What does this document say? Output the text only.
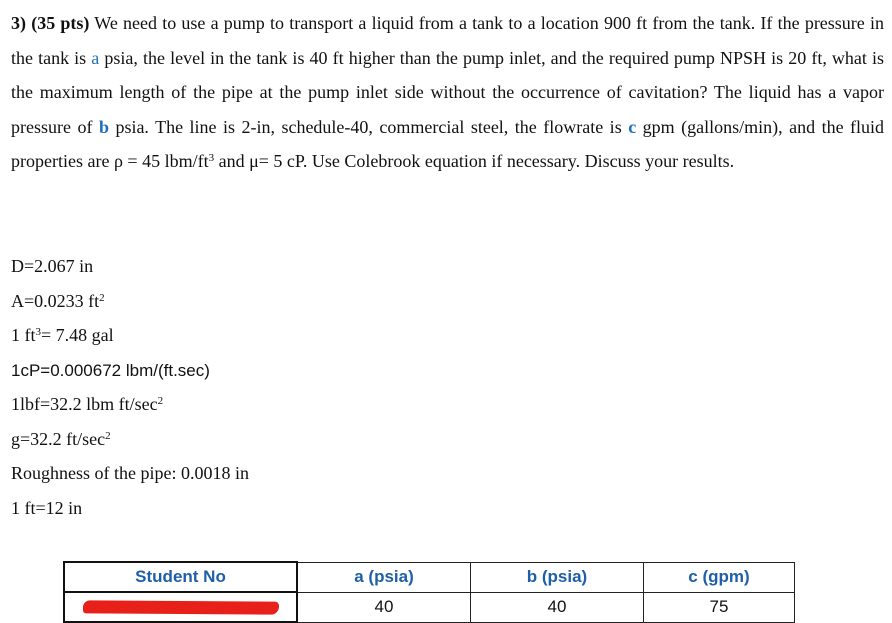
3) (35 pts) We need to use a pump to transport a liquid from a tank to a location 900 ft from the tank. If the pressure in the tank is a psia, the level in the tank is 40 ft higher than the pump inlet, and the required pump NPSH is 20 ft, what is the maximum length of the pipe at the pump inlet side without the occurrence of cavitation? The liquid has a vapor pressure of b psia. The line is 2-in, schedule-40, commercial steel, the flowrate is c gpm (gallons/min), and the fluid properties are ρ = 45 lbm/$ft^3$ and μ= 5 cP. Use Colebrook equation if necessary. Discuss your results.
D=2.067 in
A=0.0233 $ft^2$
1 $ft^3= 7.48$ gal
1cP=0.000672 lbm/(ft.sec)
1lbf=32.2 lbm $ft/\sec^2$
g=32.2 $ft/\sec^2$
Roughness of the pipe: 0.0018 in
1 ft=12 in
Student No	a (psia)	b (psia)	c (gpm)
	40	40	75
